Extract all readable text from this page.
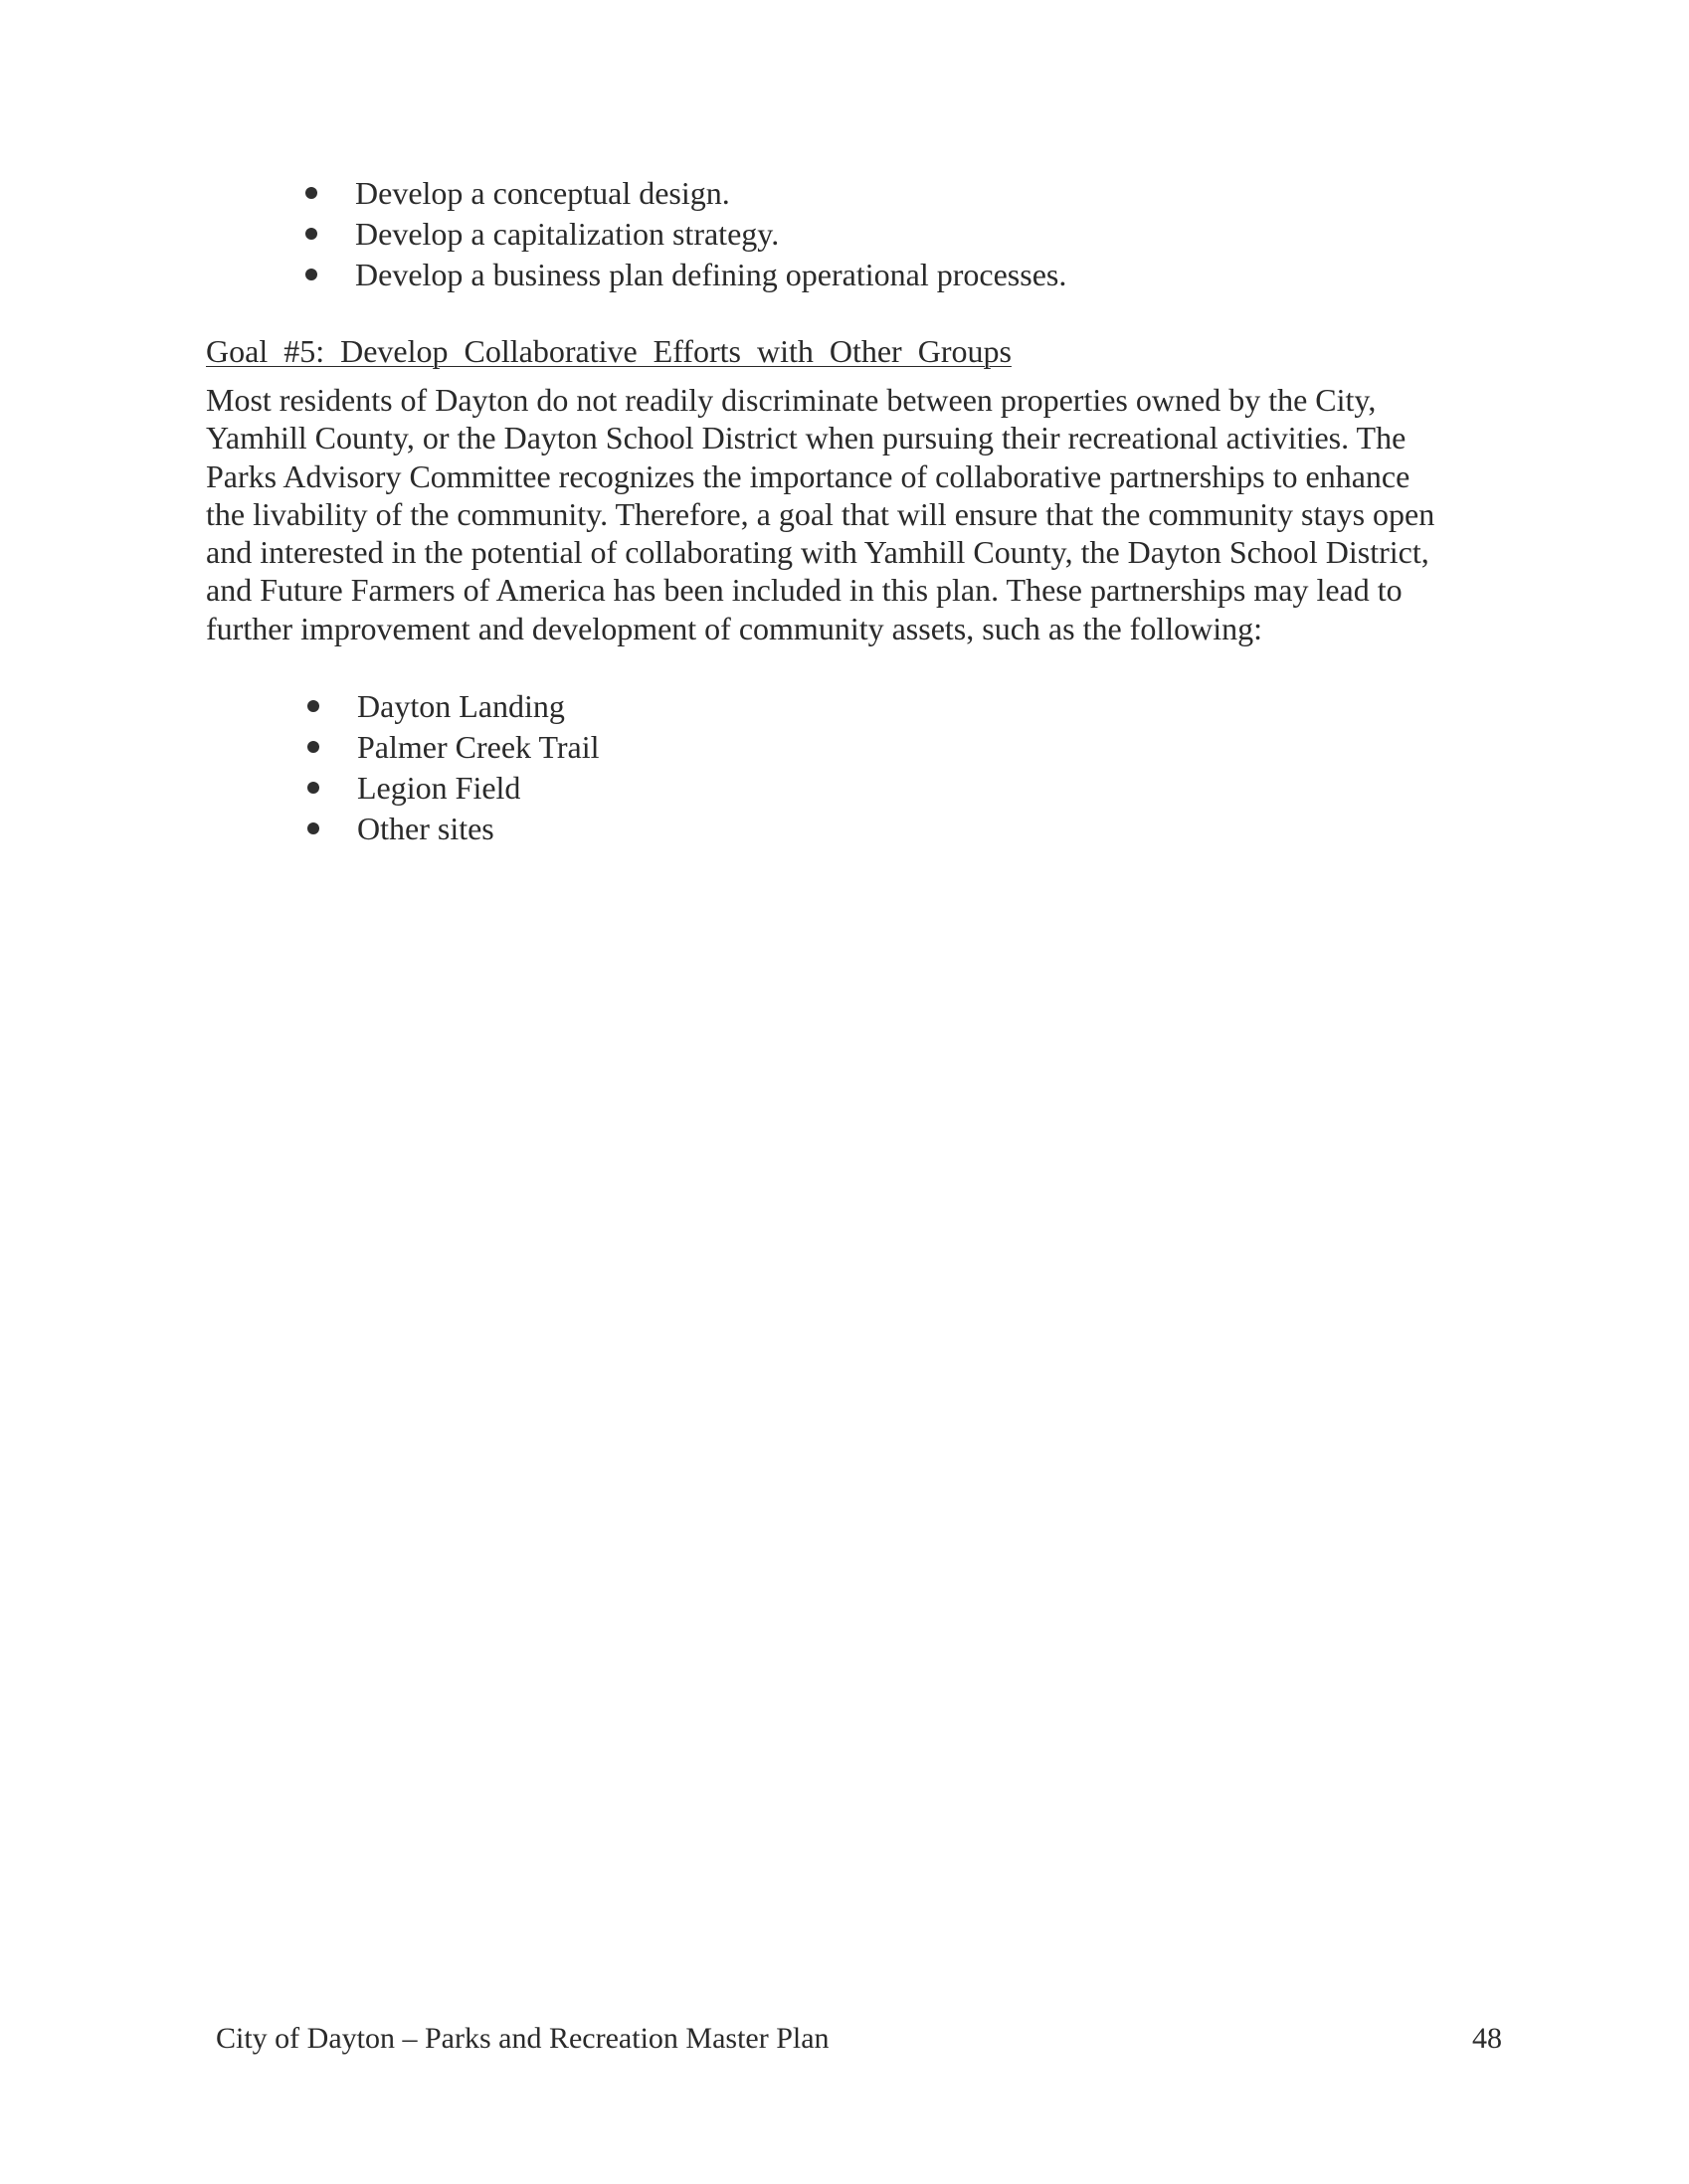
Develop a conceptual design.
Develop a capitalization strategy.
Develop a business plan defining operational processes.
Goal #5: Develop Collaborative Efforts with Other Groups

Most residents of Dayton do not readily discriminate between properties owned by the City,
Yamhill County, or the Dayton School District when pursuing their recreational activities. The
Parks Advisory Committee recognizes the importance of collaborative partnerships to enhance
the livability of the community. Therefore, a goal that will ensure that the community stays open
and interested in the potential of collaborating with Yamhill County, the Dayton School District,
and Future Farmers of America has been included in this plan. These partnerships may lead to
further improvement and development of community assets, such as the following:

Dayton Landing
Palmer Creek Trail
Legion Field
Other sites
City of Dayton – Parks and Recreation Master Plan	48
